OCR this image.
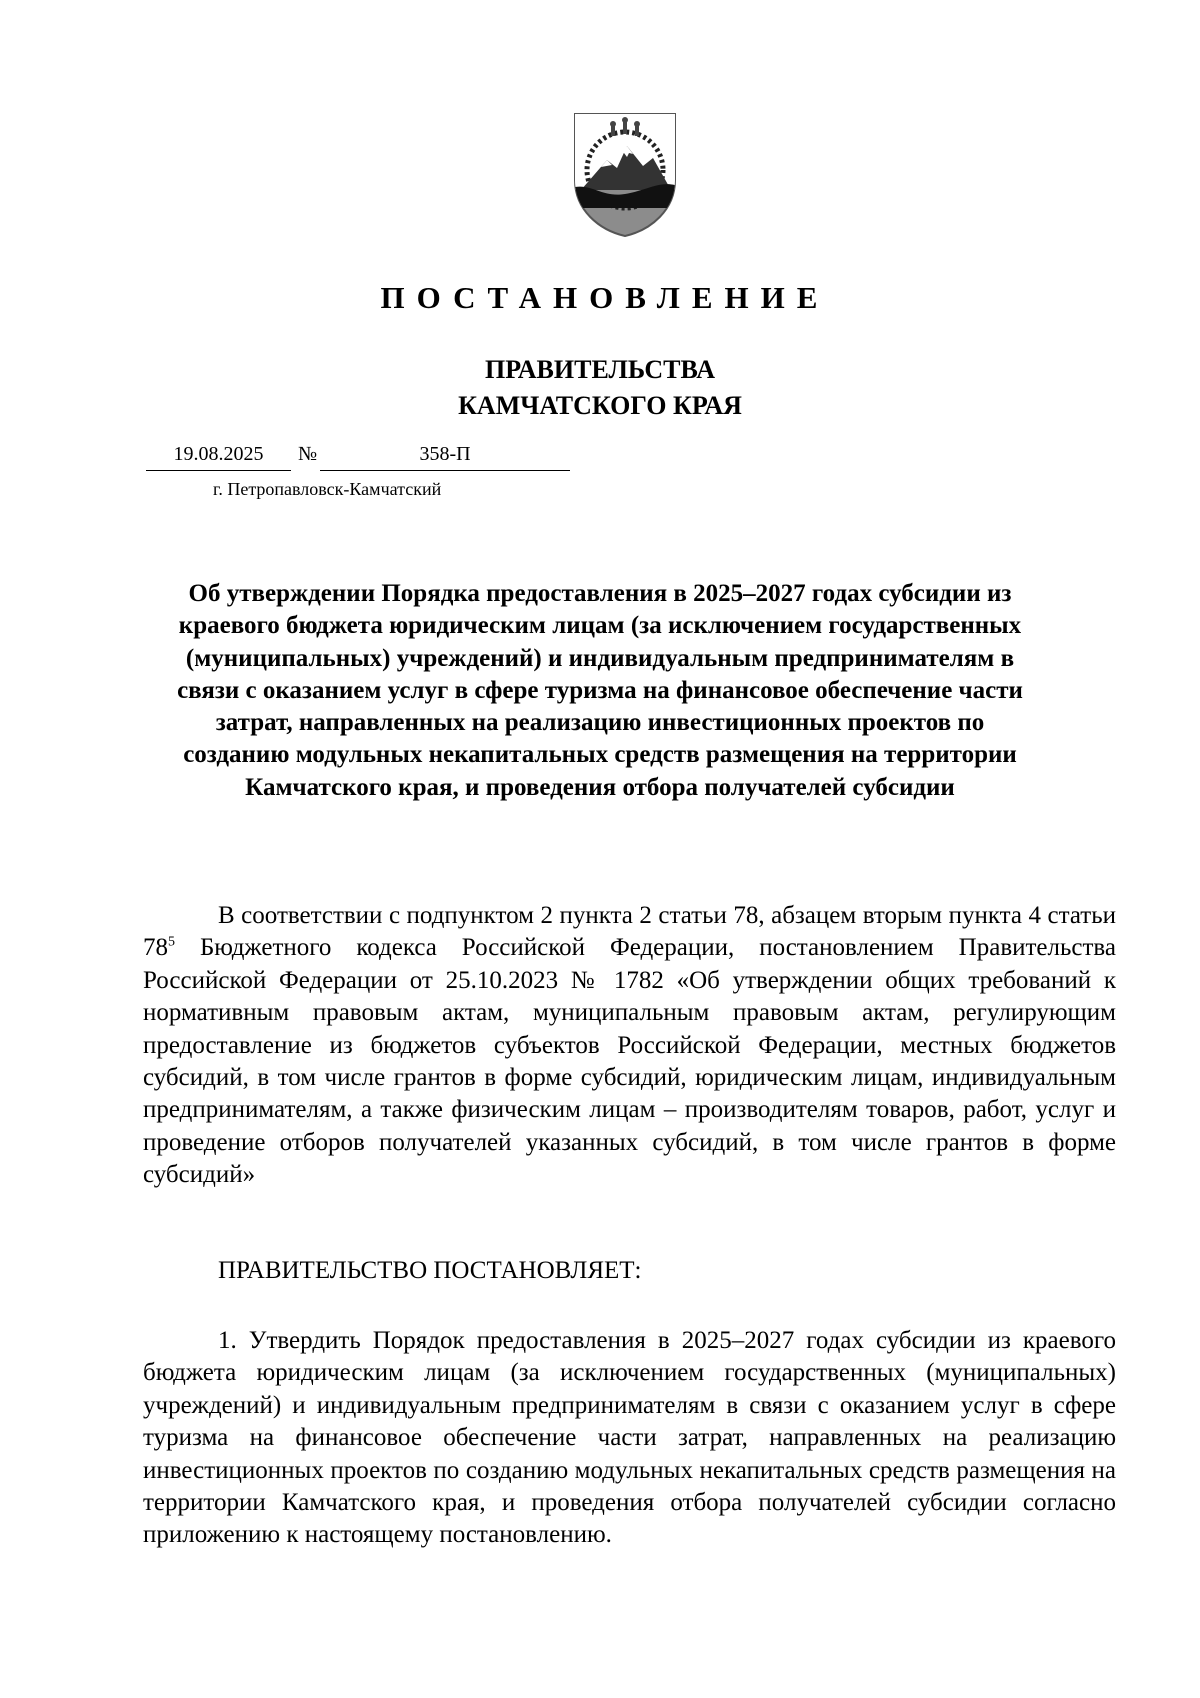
ПОСТАНОВЛЕНИЕ
ПРАВИТЕЛЬСТВА
КАМЧАТСКОГО КРАЯ
19.08.2025	№	358-П
г. Петропавловск-Камчатский
Об утверждении Порядка предоставления в 2025–2027 годах субсидии из краевого бюджета юридическим лицам (за исключением государственных (муниципальных) учреждений) и индивидуальным предпринимателям в связи с оказанием услуг в сфере туризма на финансовое обеспечение части затрат, направленных на реализацию инвестиционных проектов по созданию модульных некапитальных средств размещения на территории Камчатского края, и проведения отбора получателей субсидии

В соответствии с подпунктом 2 пункта 2 статьи 78, абзацем вторым пункта 4 статьи $78^5$ Бюджетного кодекса Российской Федерации, постановлением Правительства Российской Федерации от 25.10.2023 № 1782 «Об утверждении общих требований к нормативным правовым актам, муниципальным правовым актам, регулирующим предоставление из бюджетов субъектов Российской Федерации, местных бюджетов субсидий, в том числе грантов в форме субсидий, юридическим лицам, индивидуальным предпринимателям, а также физическим лицам – производителям товаров, работ, услуг и проведение отборов получателей указанных субсидий, в том числе грантов в форме субсидий»

ПРАВИТЕЛЬСТВО ПОСТАНОВЛЯЕТ:

1. Утвердить Порядок предоставления в 2025–2027 годах субсидии из краевого бюджета юридическим лицам (за исключением государственных (муниципальных) учреждений) и индивидуальным предпринимателям в связи с оказанием услуг в сфере туризма на финансовое обеспечение части затрат, направленных на реализацию инвестиционных проектов по созданию модульных некапитальных средств размещения на территории Камчатского края, и проведения отбора получателей субсидии согласно приложению к настоящему постановлению.
